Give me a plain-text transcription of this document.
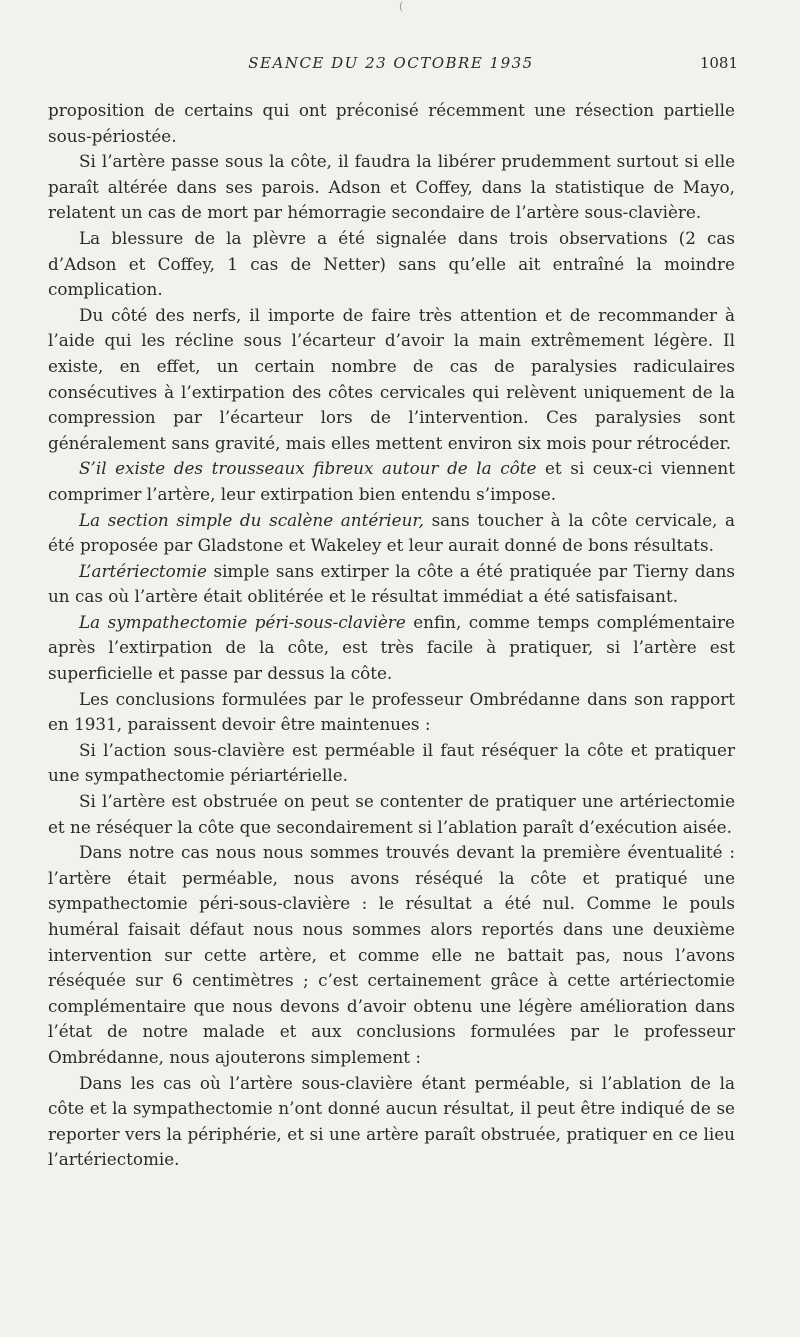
(
SEANCE DU 23 OCTOBRE 1935	1081

proposition de certains qui ont préconisé récemment une résection partielle sous-périostée.

Si l’artère passe sous la côte, il faudra la libérer prudemment surtout si elle paraît altérée dans ses parois. Adson et Coffey, dans la statistique de Mayo, relatent un cas de mort par hémorragie secondaire de l’artère sous-clavière.

La blessure de la plèvre a été signalée dans trois observations (2 cas d’Adson et Coffey, 1 cas de Netter) sans qu’elle ait entraîné la moindre complication.

Du côté des nerfs, il importe de faire très attention et de recommander à l’aide qui les récline sous l’écarteur d’avoir la main extrêmement légère. Il existe, en effet, un certain nombre de cas de paralysies radiculaires consécutives à l’extirpation des côtes cervicales qui relèvent uniquement de la compression par l’écarteur lors de l’intervention. Ces paralysies sont généralement sans gravité, mais elles mettent environ six mois pour rétrocéder.

S’il existe des trousseaux fibreux autour de la côte et si ceux-ci viennent comprimer l’artère, leur extirpation bien entendu s’impose.

La section simple du scalène antérieur, sans toucher à la côte cervicale, a été proposée par Gladstone et Wakeley et leur aurait donné de bons résultats.

L’artériectomie simple sans extirper la côte a été pratiquée par Tierny dans un cas où l’artère était oblitérée et le résultat immédiat a été satisfaisant.

La sympathectomie péri-sous-clavière enfin, comme temps complémentaire après l’extirpation de la côte, est très facile à pratiquer, si l’artère est superficielle et passe par dessus la côte.

Les conclusions formulées par le professeur Ombrédanne dans son rapport en 1931, paraissent devoir être maintenues :

Si l’action sous-clavière est perméable il faut réséquer la côte et pratiquer une sympathectomie périartérielle.

Si l’artère est obstruée on peut se contenter de pratiquer une artériectomie et ne réséquer la côte que secondairement si l’ablation paraît d’exécution aisée.

Dans notre cas nous nous sommes trouvés devant la première éventualité : l’artère était perméable, nous avons réséqué la côte et pratiqué une sympathectomie péri-sous-clavière : le résultat a été nul. Comme le pouls huméral faisait défaut nous nous sommes alors reportés dans une deuxième intervention sur cette artère, et comme elle ne battait pas, nous l’avons réséquée sur 6 centimètres ; c’est certainement grâce à cette artériectomie complémentaire que nous devons d’avoir obtenu une légère amélioration dans l’état de notre malade et aux conclusions formulées par le professeur Ombrédanne, nous ajouterons simplement :

Dans les cas où l’artère sous-clavière étant perméable, si l’ablation de la côte et la sympathectomie n’ont donné aucun résultat, il peut être indiqué de se reporter vers la périphérie, et si une artère paraît obstruée, pratiquer en ce lieu l’artériectomie.
